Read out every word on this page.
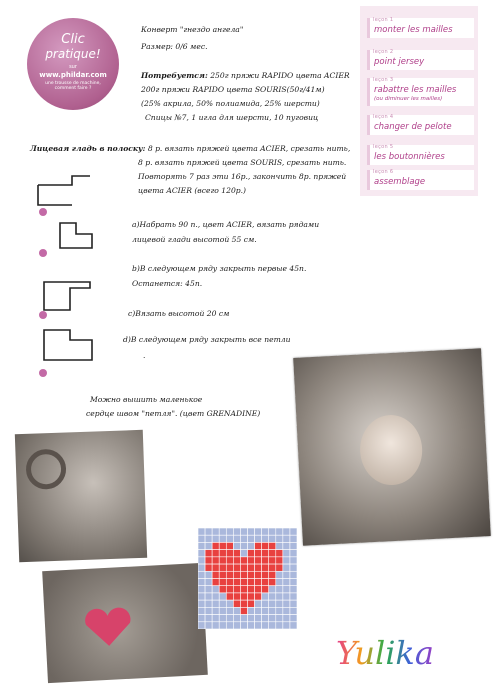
Clic
pratique!
sur
www.phildar.com
une trousse de machine, comment faire ?
Конверт "гнездо ангела"
Размер: 0/6 мес.
Потребуется: 250г пряжи RAPIDO цвета ACIER
200г пряжи RAPIDO цвета SOURIS(50г/41м)
(25% акрила, 50% полиамида, 25% шерсти)
Спицы №7, 1 игла для шерсти, 10 пуговиц
leçon 1
monter les mailles
leçon 2
point jersey
leçon 3
rabattre les mailles
(ou diminuer les mailles)
leçon 4
changer de pelote
leçon 5
les boutonnières
leçon 6
assemblage
Лицевая гладь в полоску: 8 р. вязать пряжей цвета ACIER, срезать нить,
8 р. вязать пряжей цвета SOURIS, срезать нить.
Повторять 7 раз эти 16р., закончить 8р. пряжей
цвета ACIER (всего 120р.)
а)Набрать 90 п., цвет ACIER, вязать рядами
лицевой глади высотой 55 см.
b)В следующем ряду закрыть первые 45п.
Останется: 45п.
с)Вязать высотой 20 см
d)В следующем ряду закрыть все петли
.
Можно вышить маленькое
сердце швом "петля". (цвет GRENADINE)
Yulika
